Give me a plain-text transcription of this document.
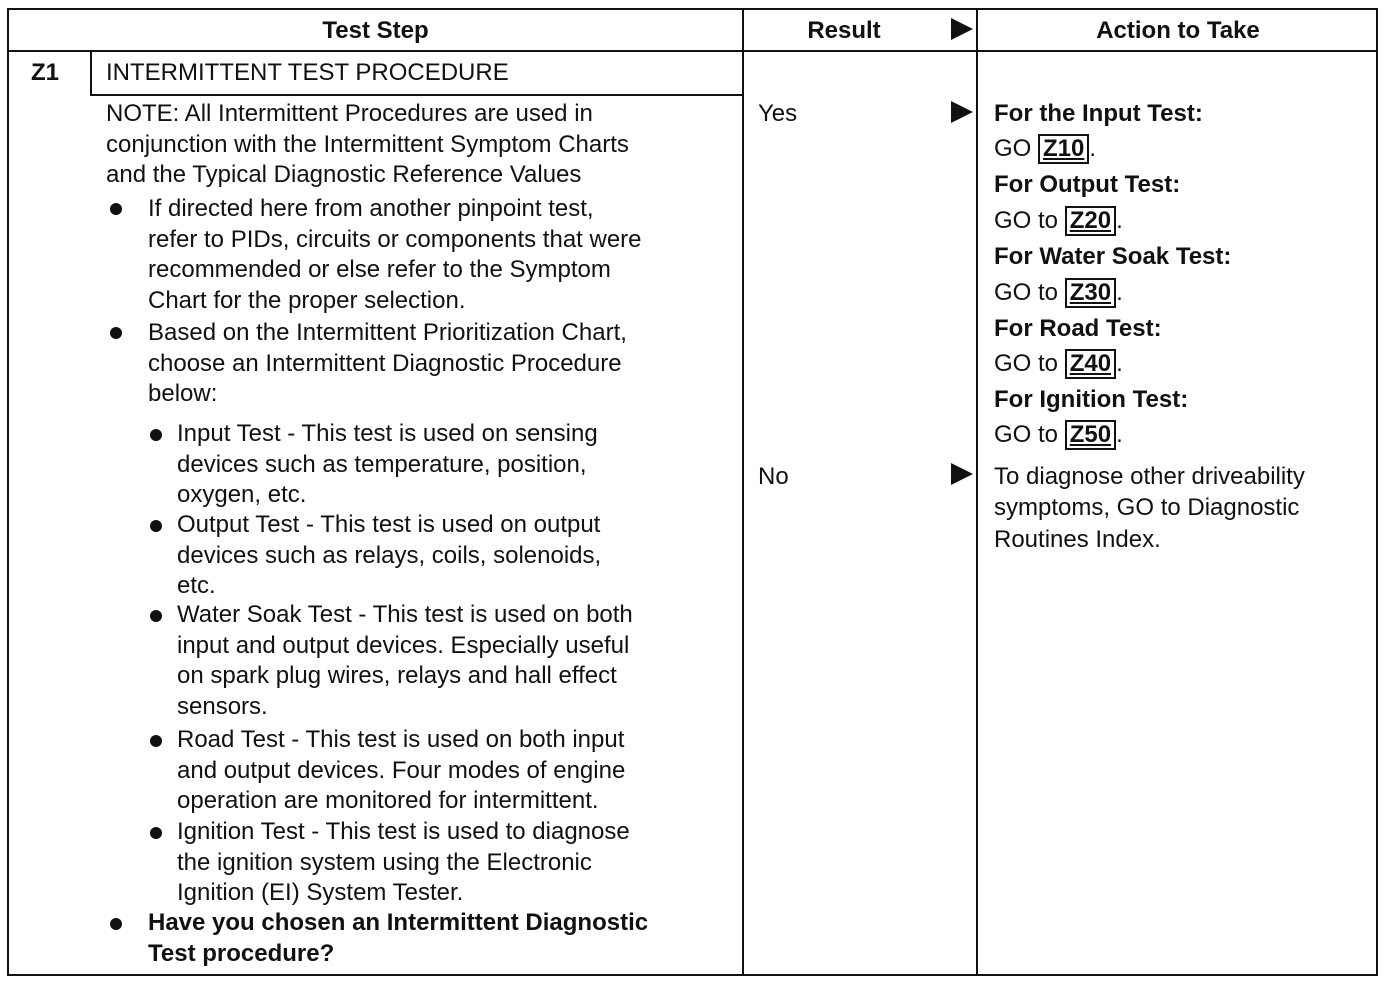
Test Step	Result	Action to Take
Z1 INTERMITTENT TEST PROCEDURE
NOTE: All Intermittent Procedures are used in
conjunction with the Intermittent Symptom Charts
and the Typical Diagnostic Reference Values
If directed here from another pinpoint test,
refer to PIDs, circuits or components that were
recommended or else refer to the Symptom
Chart for the proper selection.
Based on the Intermittent Prioritization Chart,
choose an Intermittent Diagnostic Procedure
below:
Input Test - This test is used on sensing
devices such as temperature, position,
oxygen, etc.
Output Test - This test is used on output
devices such as relays, coils, solenoids,
etc.
Water Soak Test - This test is used on both
input and output devices. Especially useful
on spark plug wires, relays and hall effect
sensors.
Road Test - This test is used on both input
and output devices. Four modes of engine
operation are monitored for intermittent.
Ignition Test - This test is used to diagnose
the ignition system using the Electronic
Ignition (EI) System Tester.
Have you chosen an Intermittent Diagnostic
Test procedure?
Yes
No
For the Input Test:
GO Z10 .
For Output Test:
GO to Z20 .
For Water Soak Test:
GO to Z30 .
For Road Test:
GO to Z40 .
For Ignition Test:
GO to Z50 .
To diagnose other driveability
symptoms, GO to Diagnostic
Routines Index.
